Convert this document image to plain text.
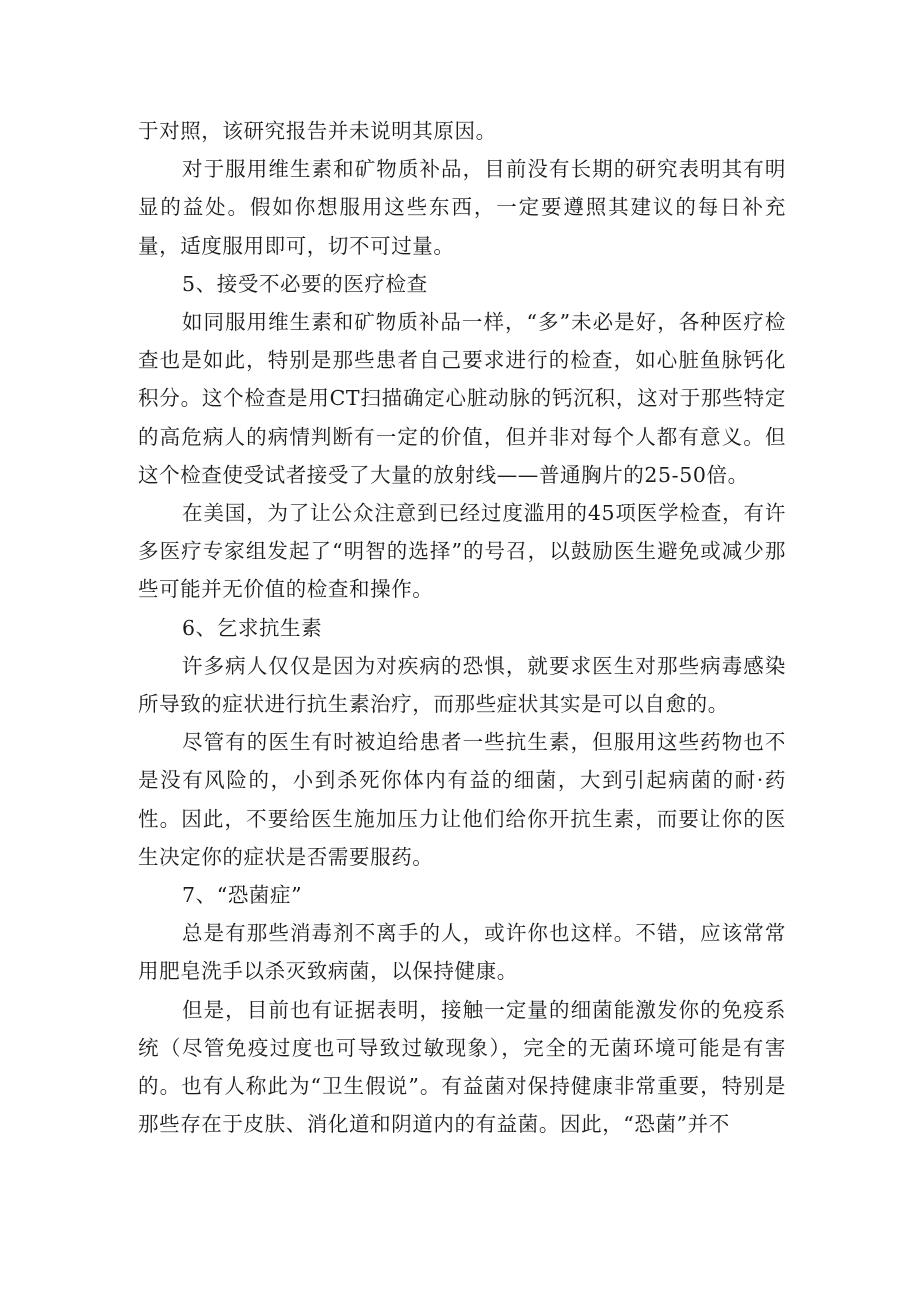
于对照，该研究报告并未说明其原因。

对于服用维生素和矿物质补品，目前没有长期的研究表明其有明显的益处。假如你想服用这些东西，一定要遵照其建议的每日补充量，适度服用即可，切不可过量。

5、接受不必要的医疗检查

如同服用维生素和矿物质补品一样，“多”未必是好，各种医疗检查也是如此，特别是那些患者自己要求进行的检查，如心脏鱼脉钙化积分。这个检查是用CT扫描确定心脏动脉的钙沉积，这对于那些特定的高危病人的病情判断有一定的价值，但并非对每个人都有意义。但这个检查使受试者接受了大量的放射线——普通胸片的25-50倍。

在美国，为了让公众注意到已经过度滥用的45项医学检查，有许多医疗专家组发起了“明智的选择”的号召，以鼓励医生避免或减少那些可能并无价值的检查和操作。

6、乞求抗生素

许多病人仅仅是因为对疾病的恐惧，就要求医生对那些病毒感染所导致的症状进行抗生素治疗，而那些症状其实是可以自愈的。

尽管有的医生有时被迫给患者一些抗生素，但服用这些药物也不是没有风险的，小到杀死你体内有益的细菌，大到引起病菌的耐·药性。因此，不要给医生施加压力让他们给你开抗生素，而要让你的医生决定你的症状是否需要服药。

7、“恐菌症”

总是有那些消毒剂不离手的人，或许你也这样。不错，应该常常用肥皂洗手以杀灭致病菌，以保持健康。

但是，目前也有证据表明，接触一定量的细菌能激发你的免疫系统（尽管免疫过度也可导致过敏现象），完全的无菌环境可能是有害的。也有人称此为“卫生假说”。有益菌对保持健康非常重要，特别是那些存在于皮肤、消化道和阴道内的有益菌。因此，“恐菌”并不
